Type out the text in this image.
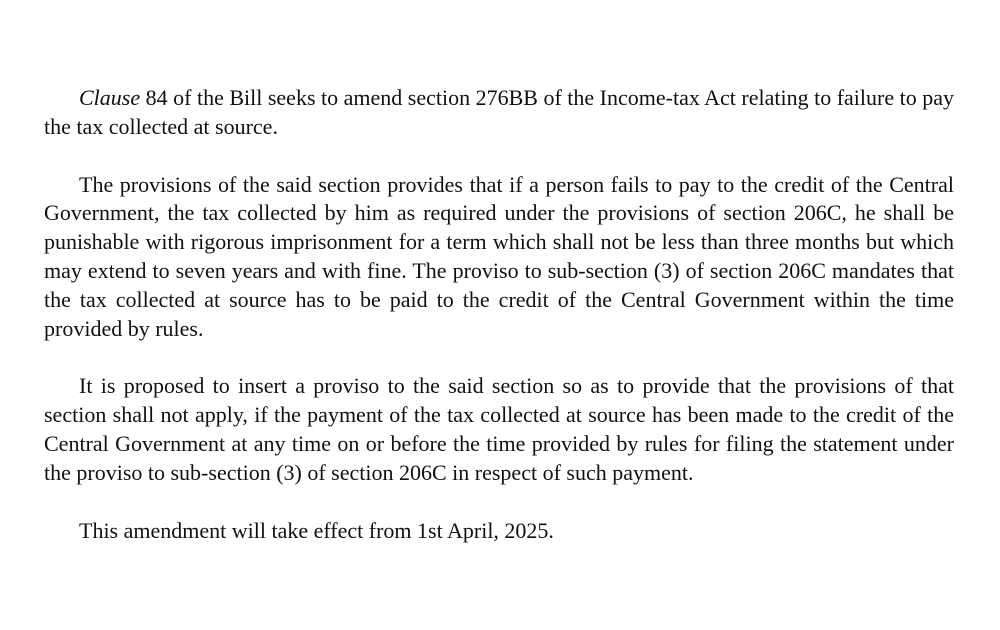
Clause 84 of the Bill seeks to amend section 276BB of the Income-tax Act relating to failure to pay the tax collected at source.

The provisions of the said section provides that if a person fails to pay to the credit of the Central Government, the tax collected by him as required under the provisions of section 206C, he shall be punishable with rigorous imprisonment for a term which shall not be less than three months but which may extend to seven years and with fine. The proviso to sub-section (3) of section 206C mandates that the tax collected at source has to be paid to the credit of the Central Government within the time provided by rules.

It is proposed to insert a proviso to the said section so as to provide that the provisions of that section shall not apply, if the payment of the tax collected at source has been made to the credit of the Central Government at any time on or before the time provided by rules for filing the statement under the proviso to sub-section (3) of section 206C in respect of such payment.

This amendment will take effect from 1st April, 2025.
